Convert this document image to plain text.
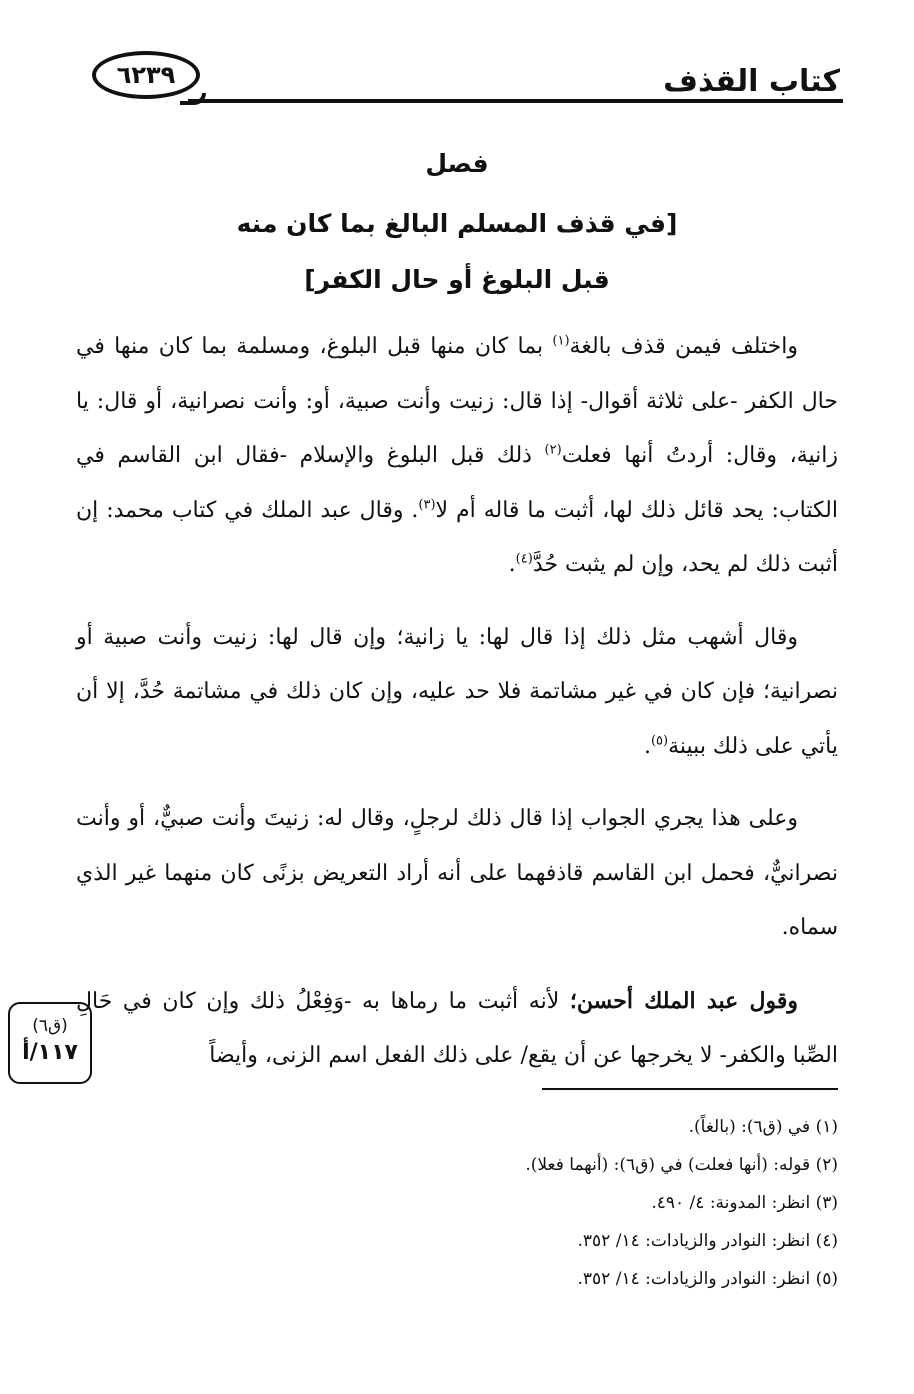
كتاب القذف
٦٢٣٩
فصل
[في قذف المسلم البالغ بما كان منه
قبل البلوغ أو حال الكفر]

واختلف فيمن قذف بالغة$^{(١)}$ بما كان منها قبل البلوغ، ومسلمة بما كان منها في حال الكفر -على ثلاثة أقوال- إذا قال: زنيت وأنت صبية، أو: وأنت نصرانية، أو قال: يا زانية، وقال: أردتُ أنها فعلت$^{(٢)}$ ذلك قبل البلوغ والإسلام -فقال ابن القاسم في الكتاب: يحد قائل ذلك لها، أثبت ما قاله أم لا$^{(٣)}$. وقال عبد الملك في كتاب محمد: إن أثبت ذلك لم يحد، وإن لم يثبت حُدَّ$^{(٤)}$.

وقال أشهب مثل ذلك إذا قال لها: يا زانية؛ وإن قال لها: زنيت وأنت صبية أو نصرانية؛ فإن كان في غير مشاتمة فلا حد عليه، وإن كان ذلك في مشاتمة حُدَّ، إلا أن يأتي على ذلك ببينة$^{(٥)}$.

وعلى هذا يجري الجواب إذا قال ذلك لرجلٍ، وقال له: زنيتَ وأنت صبيٌّ، أو وأنت نصرانيٌّ، فحمل ابن القاسم قاذفهما على أنه أراد التعريض بزنًى كان منهما غير الذي سماه.

وقول عبد الملك أحسن؛ لأنه أثبت ما رماها به -وَفِعْلُ ذلك وإن كان في حَالِ الصِّبا والكفر- لا يخرجها عن أن يقع/ على ذلك الفعل اسم الزنى، وأيضاً

(ق٦)
١١٧/أ
(١) في (ق٦): (بالغاً).
(٢) قوله: (أنها فعلت) في (ق٦): (أنهما فعلا).
(٣) انظر: المدونة: ٤/ ٤٩٠.
(٤) انظر: النوادر والزيادات: ١٤/ ٣٥٢.
(٥) انظر: النوادر والزيادات: ١٤/ ٣٥٢.
